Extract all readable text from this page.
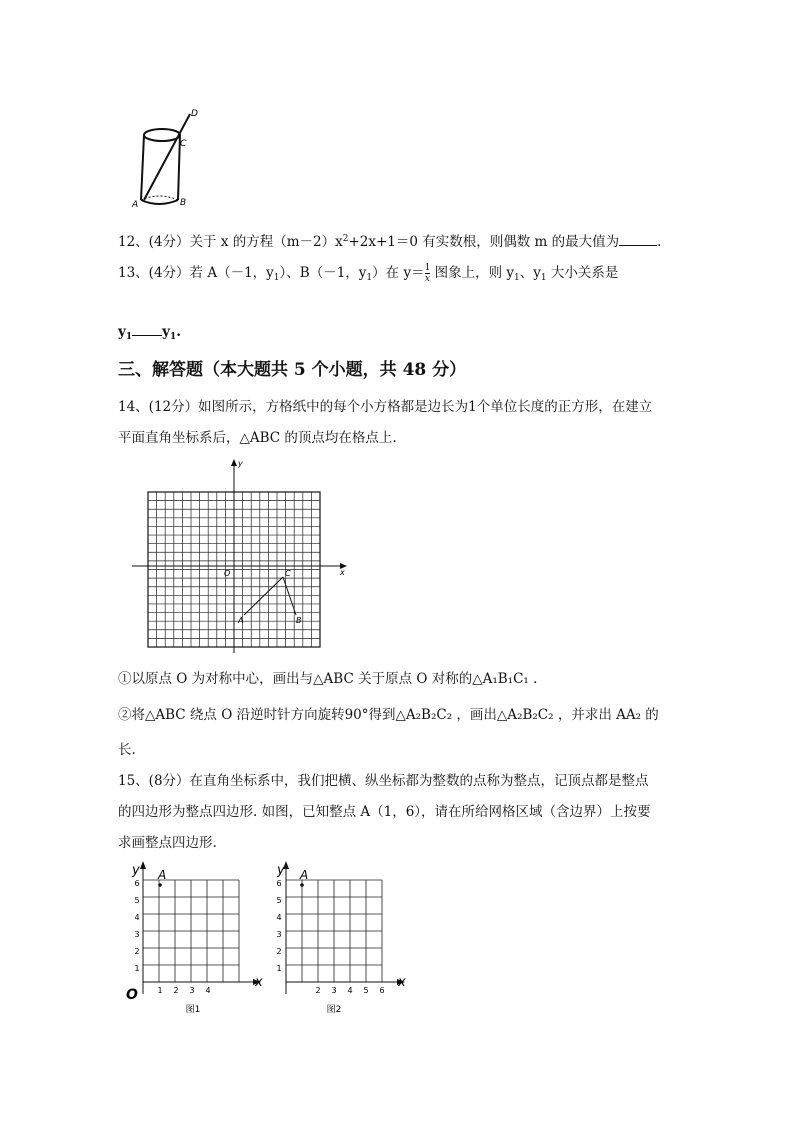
D
C
A	B
12、(4分）关于 x 的方程$(m-2)x^2+2x+1=0$ 有实数根，则偶数 m 的最大值为	.
13、(4分）若 A（－1，$y_1$）、B（－1，$y_1$）在 $y= \frac{1}{x}$ 图象上，则 $y_1$、$y_1$ 大小关系是
$y_1$ $y_1$.
三、解答题（本大题共 5 个小题，共 48 分）
14、(12分）如图所示，方格纸中的每个小方格都是边长为1个单位长度的正方形，在建立
平面直角坐标系后，△ABC 的顶点均在格点上.
y
x
O	C
A	B
①以原点 O 为对称中心，画出与△ABC 关于原点 O 对称的△A₁B₁C₁ .
②将△ABC 绕点 O 沿逆时针方向旋转90°得到△A₂B₂C₂ ，画出△A₂B₂C₂ ，并求出 AA₂ 的
长.
15、(8分）在直角坐标系中，我们把横、纵坐标都为整数的点称为整点，记顶点都是整点
的四边形为整点四边形. 如图，已知整点 A（1，6），请在所给网格区域（含边界）上按要
求画整点四边形.
y
x
O
A
1
2
3
4
5
6
1 2 3 4
图1
y
x
A
1
2
3
4
5
6
2 3 4 5 6
图2
